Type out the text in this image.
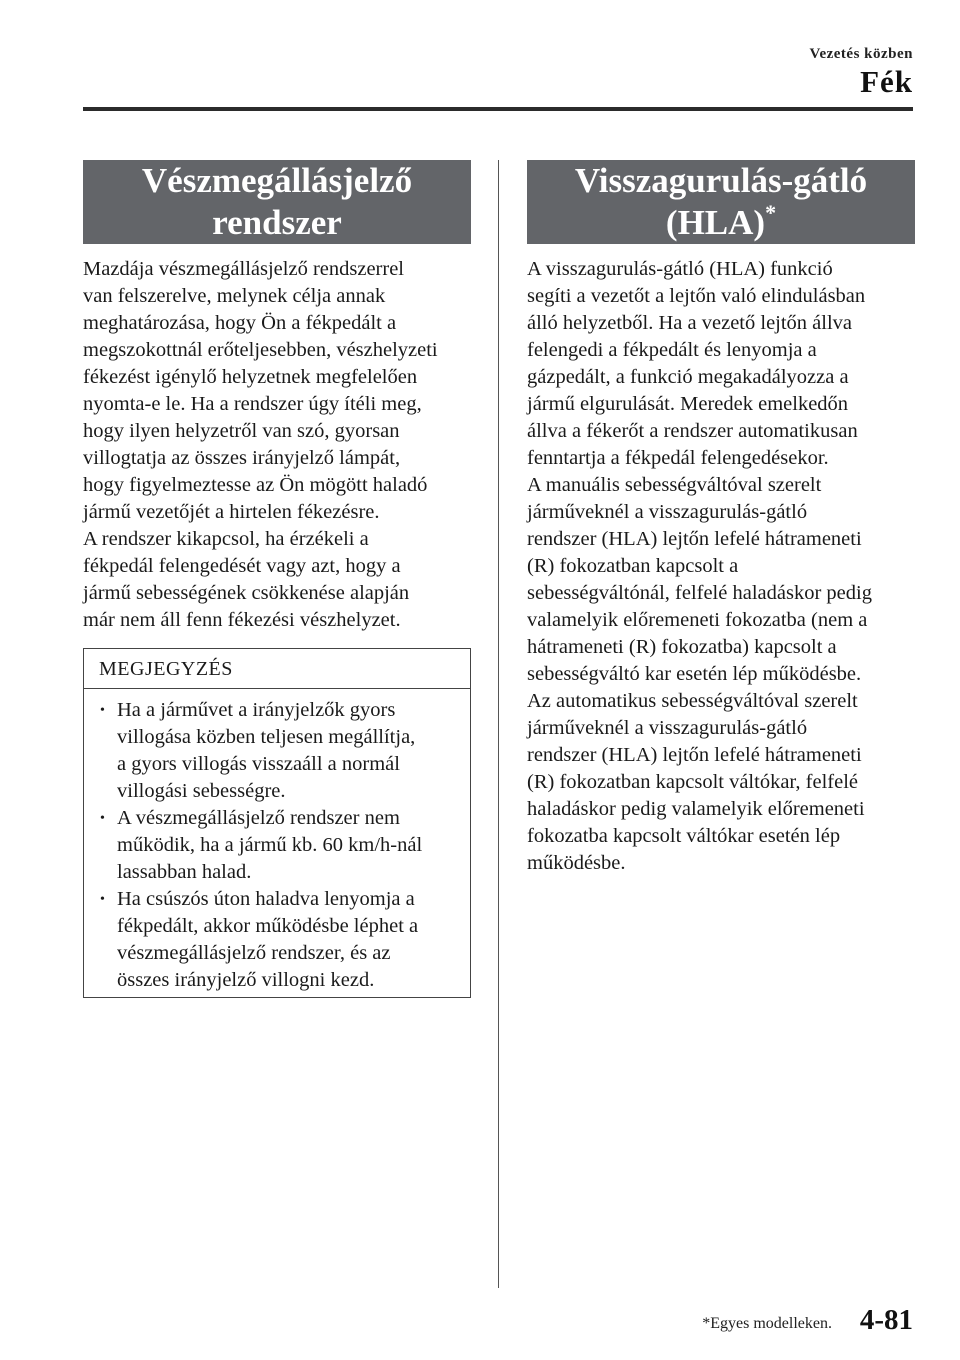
Vezetés közben
Fék
Vészmegállásjelző
rendszer
Mazdája vészmegállásjelző rendszerrel
van felszerelve, melynek célja annak
meghatározása, hogy Ön a fékpedált a
megszokottnál erőteljesebben, vészhelyzeti
fékezést igénylő helyzetnek megfelelően
nyomta-e le. Ha a rendszer úgy ítéli meg,
hogy ilyen helyzetről van szó, gyorsan
villogtatja az összes irányjelző lámpát,
hogy figyelmeztesse az Ön mögött haladó
jármű vezetőjét a hirtelen fékezésre.
A rendszer kikapcsol, ha érzékeli a
fékpedál felengedését vagy azt, hogy a
jármű sebességének csökkenése alapján
már nem áll fenn fékezési vészhelyzet.
MEGJEGYZÉS
• Ha a járművet a irányjelzők gyors
villogása közben teljesen megállítja,
a gyors villogás visszaáll a normál
villogási sebességre.
• A vészmegállásjelző rendszer nem
működik, ha a jármű kb. 60 km/h-nál
lassabban halad.
• Ha csúszós úton haladva lenyomja a
fékpedált, akkor működésbe léphet a
vészmegállásjelző rendszer, és az
összes irányjelző villogni kezd.
Visszagurulás-gátló
(HLA)*
A visszagurulás-gátló (HLA) funkció
segíti a vezetőt a lejtőn való elindulásban
álló helyzetből. Ha a vezető lejtőn állva
felengedi a fékpedált és lenyomja a
gázpedált, a funkció megakadályozza a
jármű elgurulását. Meredek emelkedőn
állva a fékerőt a rendszer automatikusan
fenntartja a fékpedál felengedésekor.
A manuális sebességváltóval szerelt
járműveknél a visszagurulás-gátló
rendszer (HLA) lejtőn lefelé hátrameneti
(R) fokozatban kapcsolt a
sebességváltónál, felfelé haladáskor pedig
valamelyik előremeneti fokozatba (nem a
hátrameneti (R) fokozatba) kapcsolt a
sebességváltó kar esetén lép működésbe.
Az automatikus sebességváltóval szerelt
járműveknél a visszagurulás-gátló
rendszer (HLA) lejtőn lefelé hátrameneti
(R) fokozatban kapcsolt váltókar, felfelé
haladáskor pedig valamelyik előremeneti
fokozatba kapcsolt váltókar esetén lép
működésbe.
*Egyes modelleken. 4-81
